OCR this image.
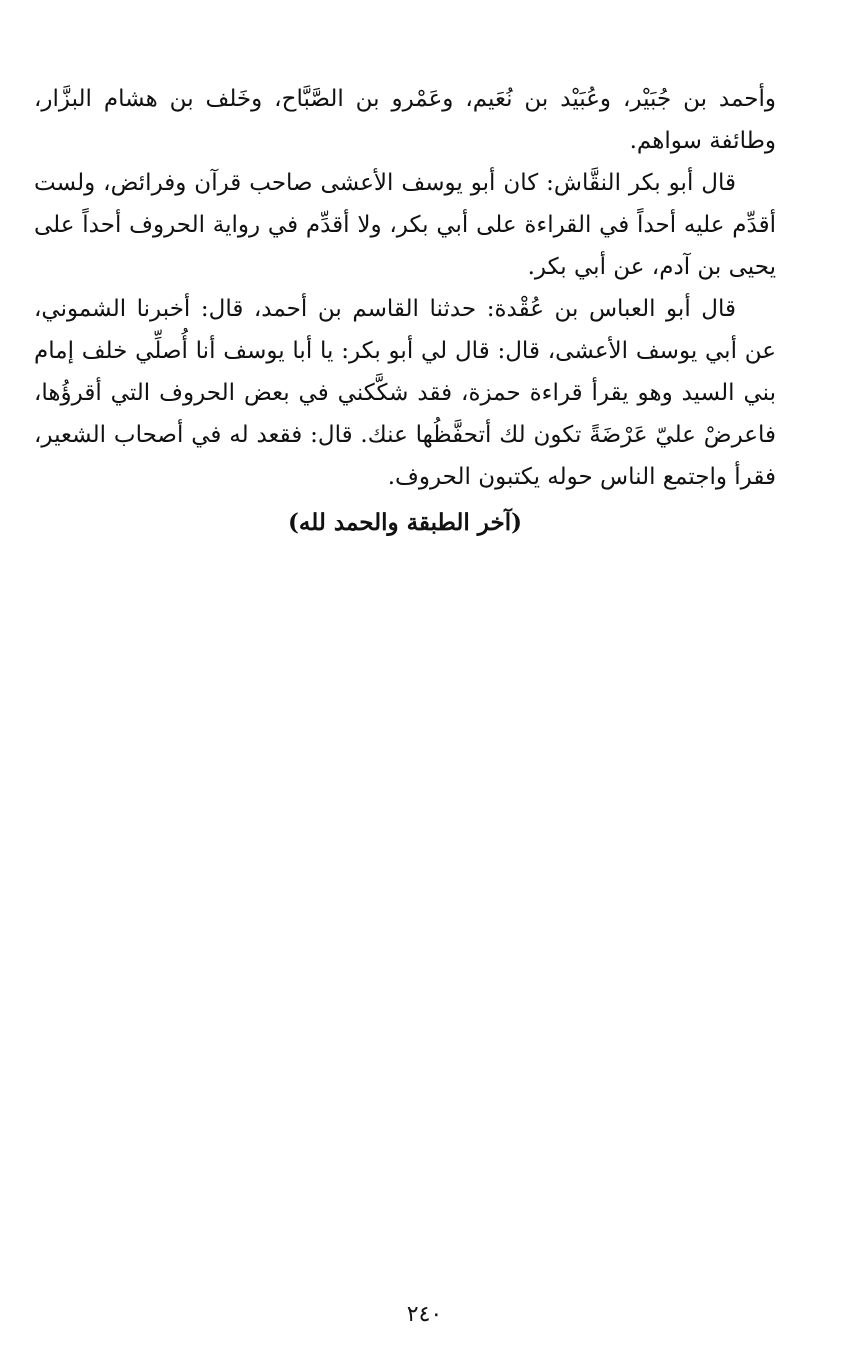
وأحمد بن جُبَيْر، وعُبَيْد بن نُعَيم، وعَمْرو بن الصَّبَّاح، وخَلف بن هشام البزَّار، وطائفة سواهم.

قال أبو بكر النقَّاش: كان أبو يوسف الأعشى صاحب قرآن وفرائض، ولست أقدِّم عليه أحداً في القراءة على أبي بكر، ولا أقدِّم في رواية الحروف أحداً على يحيى بن آدم، عن أبي بكر.

قال أبو العباس بن عُقْدة: حدثنا القاسم بن أحمد، قال: أخبرنا الشموني، عن أبي يوسف الأعشى، قال: قال لي أبو بكر: يا أبا يوسف أنا أُصلِّي خلف إمام بني السيد وهو يقرأ قراءة حمزة، فقد شكَّكني في بعض الحروف التي أقرؤُها، فاعرضْ عليّ عَرْضَةً تكون لك أتحفَّظُها عنك. قال: فقعد له في أصحاب الشعير، فقرأ واجتمع الناس حوله يكتبون الحروف.

(آخر الطبقة والحمد لله)
٢٤٠
